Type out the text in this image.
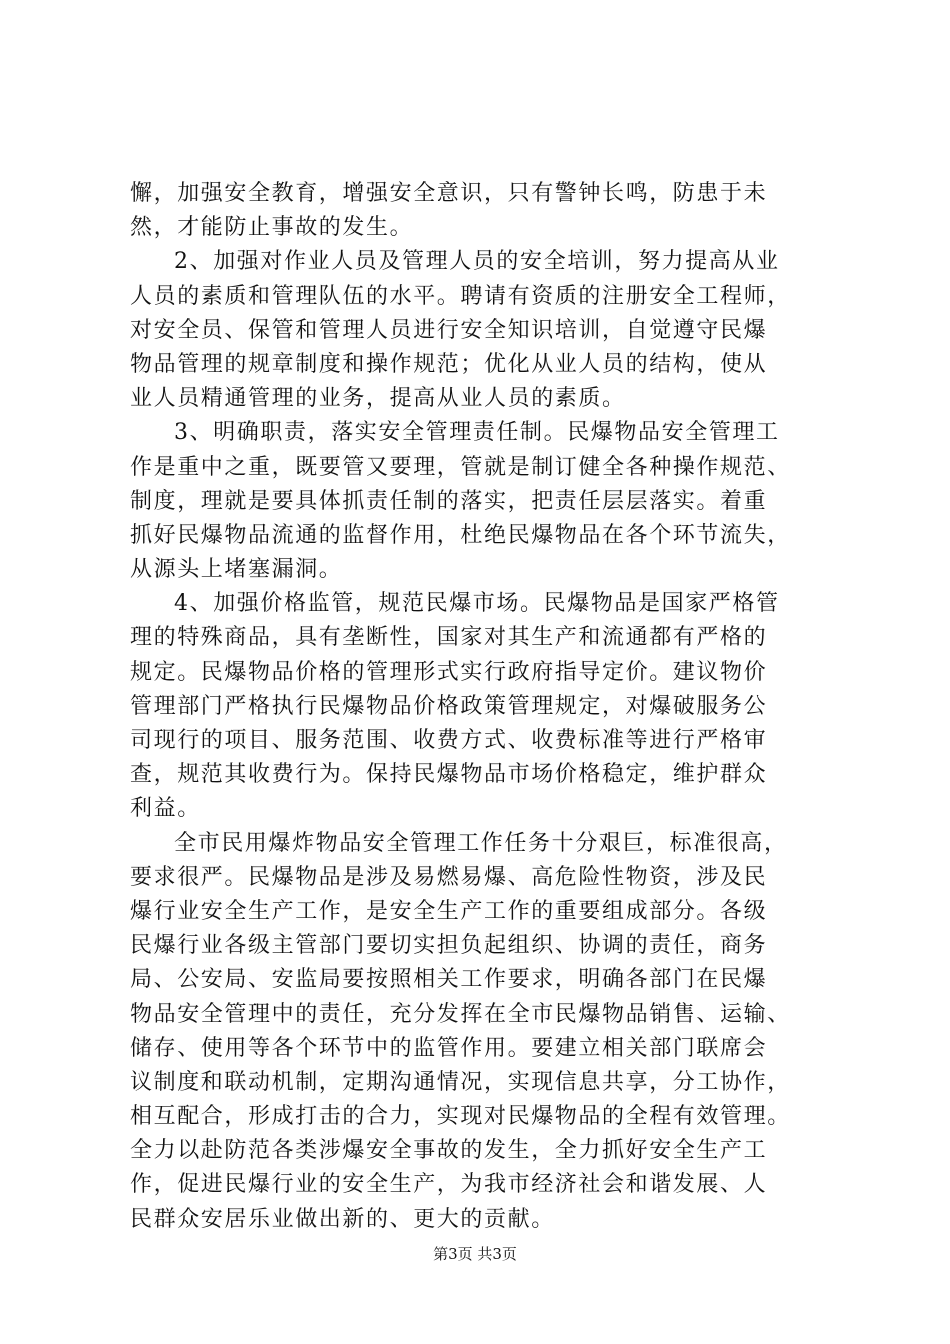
懈，加强安全教育，增强安全意识，只有警钟长鸣，防患于未
然，才能防止事故的发生。
2、加强对作业人员及管理人员的安全培训，努力提高从业
人员的素质和管理队伍的水平。聘请有资质的注册安全工程师，
对安全员、保管和管理人员进行安全知识培训，自觉遵守民爆
物品管理的规章制度和操作规范；优化从业人员的结构，使从
业人员精通管理的业务，提高从业人员的素质。
3、明确职责，落实安全管理责任制。民爆物品安全管理工
作是重中之重，既要管又要理，管就是制订健全各种操作规范、
制度，理就是要具体抓责任制的落实，把责任层层落实。着重
抓好民爆物品流通的监督作用，杜绝民爆物品在各个环节流失，
从源头上堵塞漏洞。
4、加强价格监管，规范民爆市场。民爆物品是国家严格管
理的特殊商品，具有垄断性，国家对其生产和流通都有严格的
规定。民爆物品价格的管理形式实行政府指导定价。建议物价
管理部门严格执行民爆物品价格政策管理规定，对爆破服务公
司现行的项目、服务范围、收费方式、收费标准等进行严格审
查，规范其收费行为。保持民爆物品市场价格稳定，维护群众
利益。
全市民用爆炸物品安全管理工作任务十分艰巨，标准很高，
要求很严。民爆物品是涉及易燃易爆、高危险性物资，涉及民
爆行业安全生产工作，是安全生产工作的重要组成部分。各级
民爆行业各级主管部门要切实担负起组织、协调的责任，商务
局、公安局、安监局要按照相关工作要求，明确各部门在民爆
物品安全管理中的责任，充分发挥在全市民爆物品销售、运输、
储存、使用等各个环节中的监管作用。要建立相关部门联席会
议制度和联动机制，定期沟通情况，实现信息共享，分工协作，
相互配合，形成打击的合力，实现对民爆物品的全程有效管理。
全力以赴防范各类涉爆安全事故的发生，全力抓好安全生产工
作，促进民爆行业的安全生产，为我市经济社会和谐发展、人
民群众安居乐业做出新的、更大的贡献。
第3页 共3页
